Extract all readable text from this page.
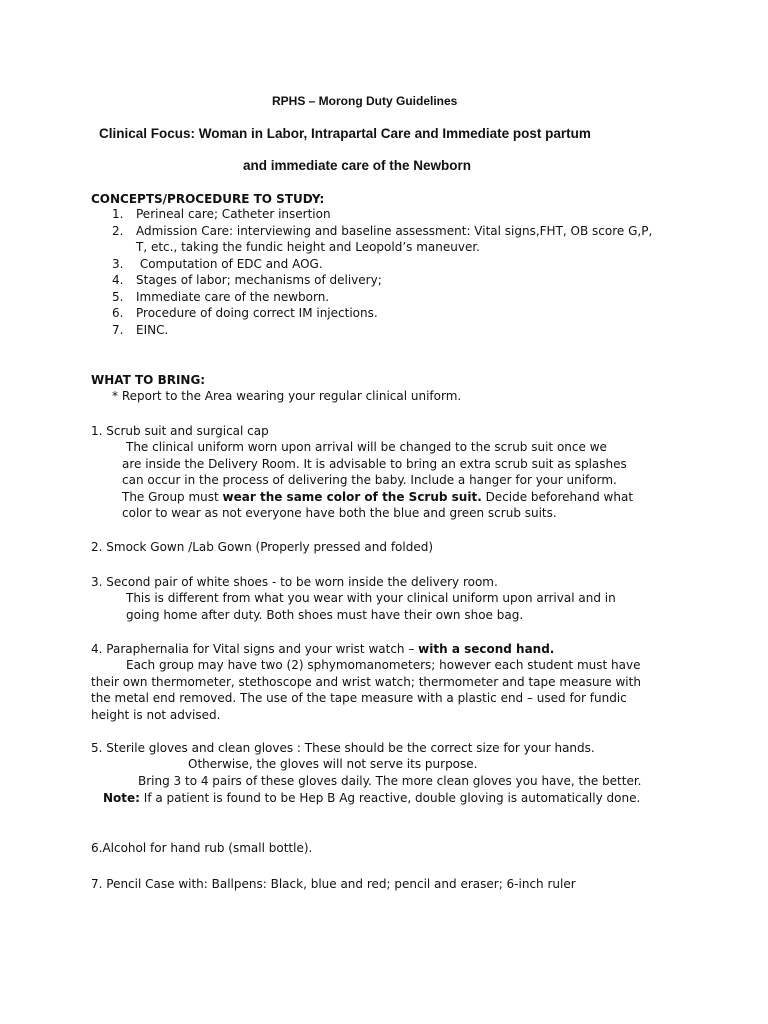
RPHS – Morong Duty Guidelines
Clinical Focus: Woman in Labor, Intrapartal Care and Immediate post partum
and immediate care of the Newborn
CONCEPTS/PROCEDURE TO STUDY:
1. Perineal care; Catheter insertion
2. Admission Care: interviewing and baseline assessment: Vital signs,FHT, OB score G,P,
T, etc., taking the fundic height and Leopold’s maneuver.
3. Computation of EDC and AOG.
4. Stages of labor; mechanisms of delivery;
5. Immediate care of the newborn.
6. Procedure of doing correct IM injections.
7. EINC.
WHAT TO BRING:
* Report to the Area wearing your regular clinical uniform.
1. Scrub suit and surgical cap
The clinical uniform worn upon arrival will be changed to the scrub suit once we
are inside the Delivery Room. It is advisable to bring an extra scrub suit as splashes
can occur in the process of delivering the baby. Include a hanger for your uniform.
The Group must wear the same color of the Scrub suit. Decide beforehand what
color to wear as not everyone have both the blue and green scrub suits.
2. Smock Gown /Lab Gown (Properly pressed and folded)
3. Second pair of white shoes - to be worn inside the delivery room.
This is different from what you wear with your clinical uniform upon arrival and in
going home after duty. Both shoes must have their own shoe bag.
4. Paraphernalia for Vital signs and your wrist watch – with a second hand.
Each group may have two (2) sphymomanometers; however each student must have
their own thermometer, stethoscope and wrist watch; thermometer and tape measure with
the metal end removed. The use of the tape measure with a plastic end – used for fundic
height is not advised.
5. Sterile gloves and clean gloves : These should be the correct size for your hands.
Otherwise, the gloves will not serve its purpose.
Bring 3 to 4 pairs of these gloves daily. The more clean gloves you have, the better.
Note: If a patient is found to be Hep B Ag reactive, double gloving is automatically done.
6.Alcohol for hand rub (small bottle).
7. Pencil Case with: Ballpens: Black, blue and red; pencil and eraser; 6-inch ruler
